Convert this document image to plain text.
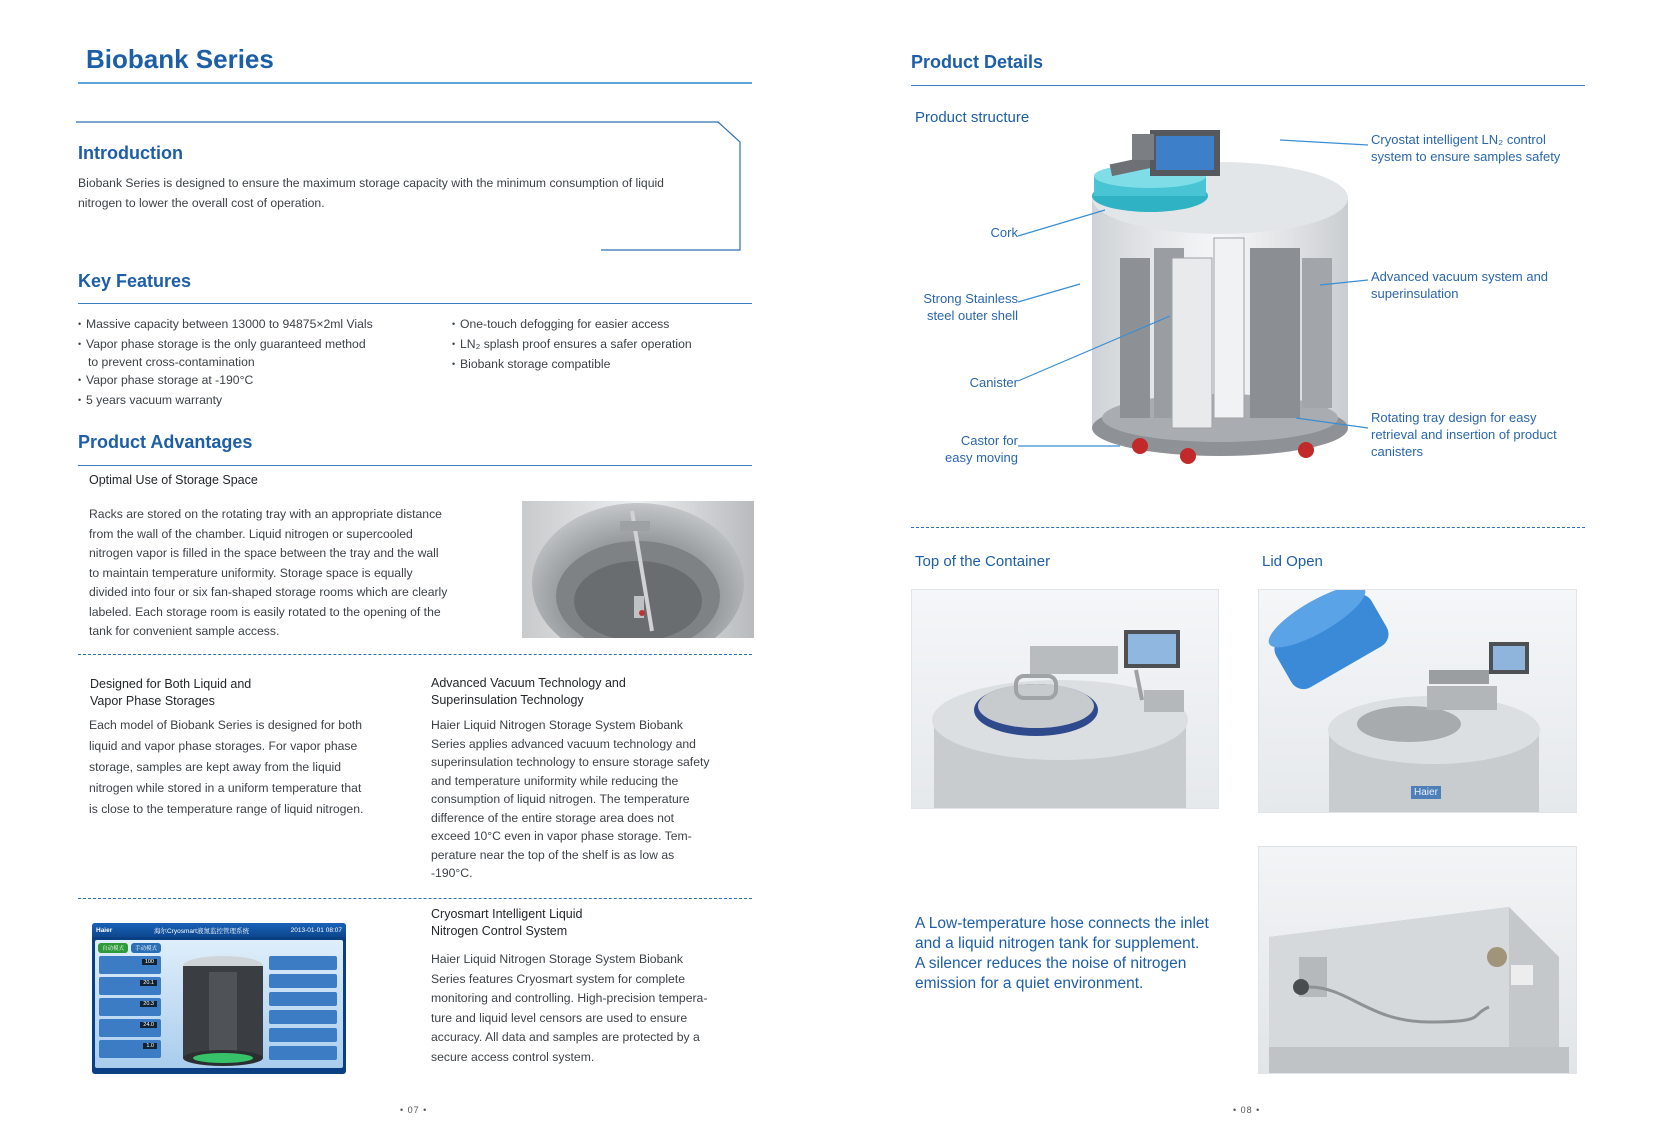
Biobank Series
Introduction
Biobank Series is designed to ensure the maximum storage capacity with the minimum consumption of liquid
nitrogen to lower the overall cost of operation.
Key Features
• Massive capacity between 13000 to 94875×2ml Vials
• Vapor phase storage is the only guaranteed method
to prevent cross-contamination
• Vapor phase storage at -190°C
• 5 years vacuum warranty
• One-touch defogging for easier access
• LN₂ splash proof ensures a safer operation
• Biobank storage compatible
Product Advantages
Optimal Use of Storage Space
Racks are stored on the rotating tray with an appropriate distance
from the wall of the chamber. Liquid nitrogen or supercooled
nitrogen vapor is filled in the space between the tray and the wall
to maintain temperature uniformity. Storage space is equally
divided into four or six fan-shaped storage rooms which are clearly
labeled. Each storage room is easily rotated to the opening of the
tank for convenient sample access.
Designed for Both Liquid and
Vapor Phase Storages
Each model of Biobank Series is designed for both
liquid and vapor phase storages. For vapor phase
storage, samples are kept away from the liquid
nitrogen while stored in a uniform temperature that
is close to the temperature range of liquid nitrogen.
Advanced Vacuum Technology and
Superinsulation Technology
Haier Liquid Nitrogen Storage System Biobank
Series applies advanced vacuum technology and
superinsulation technology to ensure storage safety
and temperature uniformity while reducing the
consumption of liquid nitrogen. The temperature
difference of the entire storage area does not
exceed 10°C even in vapor phase storage. Tem-
perature near the top of the shelf is as low as
-190°C.
Haier	海尔Cryosmart液氮监控管理系统	2013-01-01 08:07
自动模式	手动模式
100
20.1
20.3
24.0
1.0
Cryosmart Intelligent Liquid
Nitrogen Control System
Haier Liquid Nitrogen Storage System Biobank
Series features Cryosmart system for complete
monitoring and controlling. High-precision tempera-
ture and liquid level censors are used to ensure
accuracy. All data and samples are protected by a
secure access control system.
• 07 •
Product Details
Product structure
Cork
Strong Stainless
steel outer shell
Canister
Castor for
easy moving
Cryostat intelligent LN₂ control
system to ensure samples safety
Advanced vacuum system and
superinsulation
Rotating tray design for easy
retrieval and insertion of product
canisters
Top of the Container	Lid Open
Haier
A Low-temperature hose connects the inlet
and a liquid nitrogen tank for supplement.
A silencer reduces the noise of nitrogen
emission for a quiet environment.
• 08 •
